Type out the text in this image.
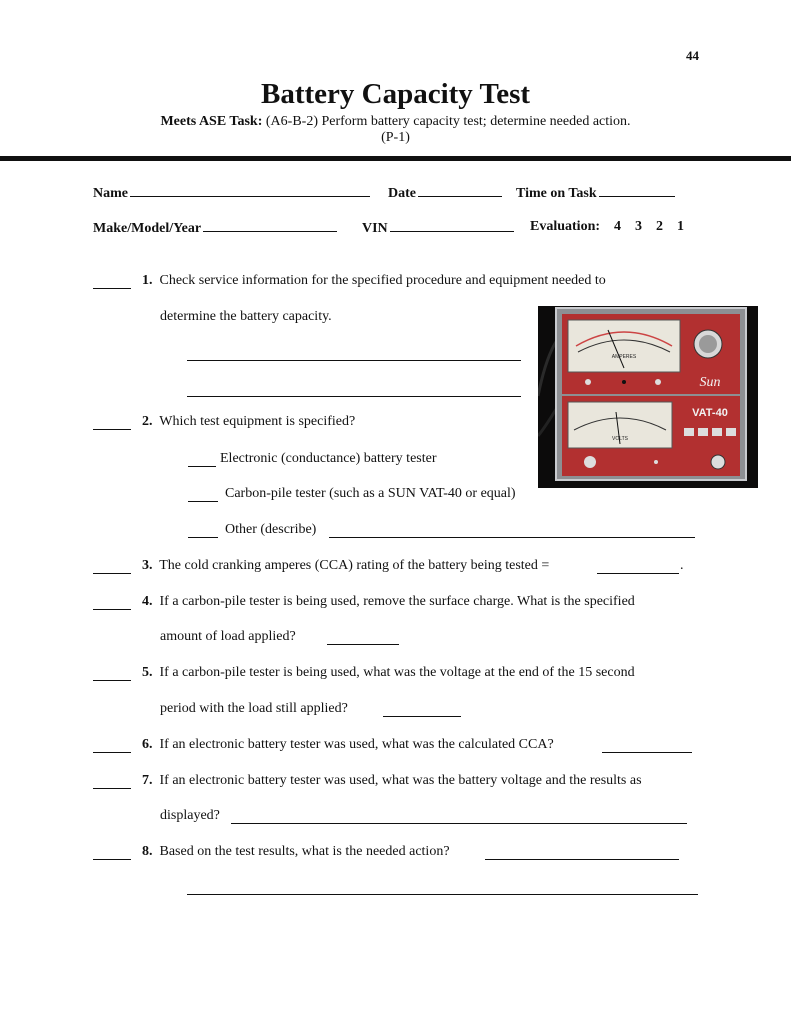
44
Battery Capacity Test
Meets ASE Task: (A6-B-2) Perform battery capacity test; determine needed action.
(P-1)
Name	Date	Time on Task
Make/Model/Year	VIN	Evaluation: 4 3 2 1
1. Check service information for the specified procedure and equipment needed to
determine the battery capacity.
2. Which test equipment is specified?
Electronic (conductance) battery tester
Carbon-pile tester (such as a SUN VAT-40 or equal)
Other (describe)
3. The cold cranking amperes (CCA) rating of the battery being tested =	.
4. If a carbon-pile tester is being used, remove the surface charge. What is the specified
amount of load applied?
5. If a carbon-pile tester is being used, what was the voltage at the end of the 15 second
period with the load still applied?
6. If an electronic battery tester was used, what was the calculated CCA?
7. If an electronic battery tester was used, what was the battery voltage and the results as
displayed?
8. Based on the test results, what is the needed action?
AMPERES
Sun
VOLTS
VAT-40
